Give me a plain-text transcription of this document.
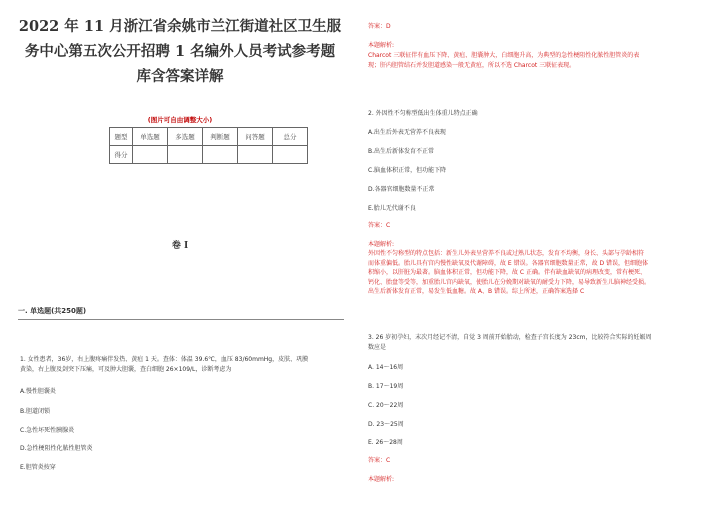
2022 年 11 月浙江省余姚市兰江街道社区卫生服
务中心第五次公开招聘 1 名编外人员考试参考题
库含答案详解
(图片可自由调整大小)
题型	单选题	多选题	判断题	问答题	总分
得分					
卷 I
一. 单选题(共250题)
1. 女性患者，36岁，右上腹疼痛伴发热、黄疸 1 天。查体：体温 39.6℃，血压 83/60mmHg，皮肤、巩膜
黄染，右上腹及剑突下压痛，可及肿大胆囊，查白细胞 26×109/L，诊断考虑为
A.慢性胆囊炎
B.胆道闭锁
C.急性坏死性胰腺炎
D.急性梗阻性化脓性胆管炎
E.胆管炎按穿
答案：D
本题解析:
Charcot 三联征伴有血压下降、黄疸、胆囊肿大，白细胞升高，为典型的急性梗阻性化脓性胆管炎的表
现；肝内胆管结石并发胆道感染一般无黄疸，所以不选 Charcot 三联征表现。
2. 外因性不匀称型低出生体重儿特点正确
A.出生后外表无营养不良表现
B.出生后新体发育不正常
C.脑血体积正常，但功能下降
D.各器官细胞数量不正常
E.胎儿无代谢不良
答案：C
本题解析:
外因性不匀称型的特点包括：新生儿外表呈营养不良或过熟儿状态，发育不均衡，身长、头部与孕龄相符
而体重偏低。胎儿具有宫内慢性缺氧及代谢障碍，故 E 错误。各器官细胞数量正常，故 D 错误，但细胞体
积缩小，以肝脏为最著。脑血体积正常，但功能下降，故 C 正确。伴有缺血缺氧的病理改变，常有梗死、
钙化、胎盘等受等，加重胎儿宫内缺氧，使胎儿在分娩期对缺氧的耐受力下降，易导致新生儿脑神经受损。
出生后新体发育正常，易发生低血糖。故 A、B 错误。综上所述，正确答案选择 C
3. 26 岁初孕妇，末次月经记不清，自觉 3 周前开始胎动，检查子宫长度为 23cm，比较符合实际的妊娠周
数应是
A. 14～16周
B. 17～19周
C. 20～22周
D. 23～25周
E. 26～28周
答案：C
本题解析:
